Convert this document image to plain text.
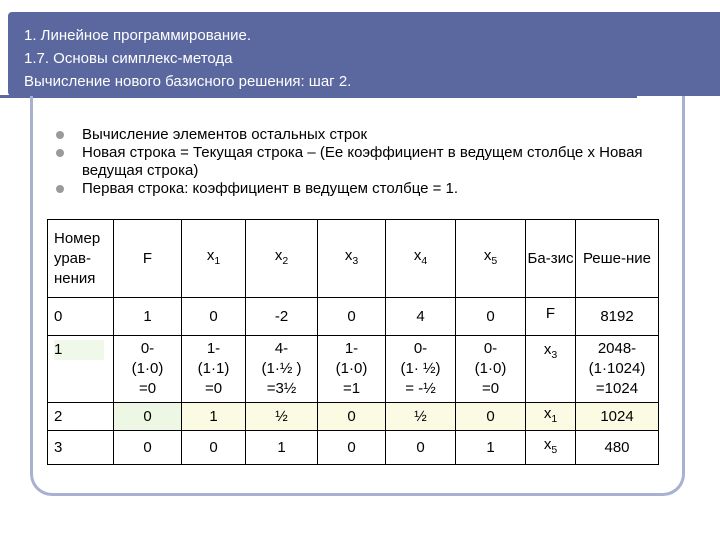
1. Линейное программирование.
1.7. Основы симплекс-метода
Вычисление нового базисного решения: шаг 2.
Вычисление элементов остальных строк
Новая строка = Текущая строка – (Ее коэффициент в ведущем столбце х Новая ведущая строка)
Первая строка: коэффициент в ведущем столбце = 1.
Номер урав-нения	F	$x_1$	$x_2$	$x_3$	$x_4$	$x_5$	Ба-зис	Реше-ние
0	1	0	-2	0	4	0	F	8192
1	0-
(1·0)
=0	1-
(1·1)
=0	4-
(1·½ )
=3½	1-
(1·0)
=1	0-
(1· ½)
= -½	0-
(1·0)
=0	$x_3$	2048-
(1·1024)
=1024
2	0	1	½	0	½	0	$x_1$	1024
3	0	0	1	0	0	1	$x_5$	480
